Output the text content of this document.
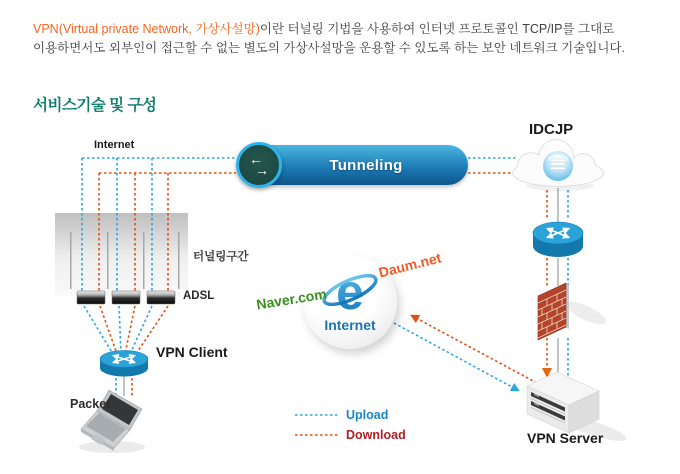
VPN(Virtual private Network, 가상사설망)이란 터널링 기법을 사용하여 인터넷 프로토콜인 TCP/IP를 그대로
이용하면서도 외부인이 접근할 수 없는 별도의 가상사설망을 운용할 수 있도록 하는 보안 네트워크 기술입니다.
서비스기술 및 구성
Tunneling
←
→
e
Internet
Internet
IDCJP
터널링구간
ADSL
VPN Client
Packet
Naver.com
Daum.net
VPN Server
Upload
Download
